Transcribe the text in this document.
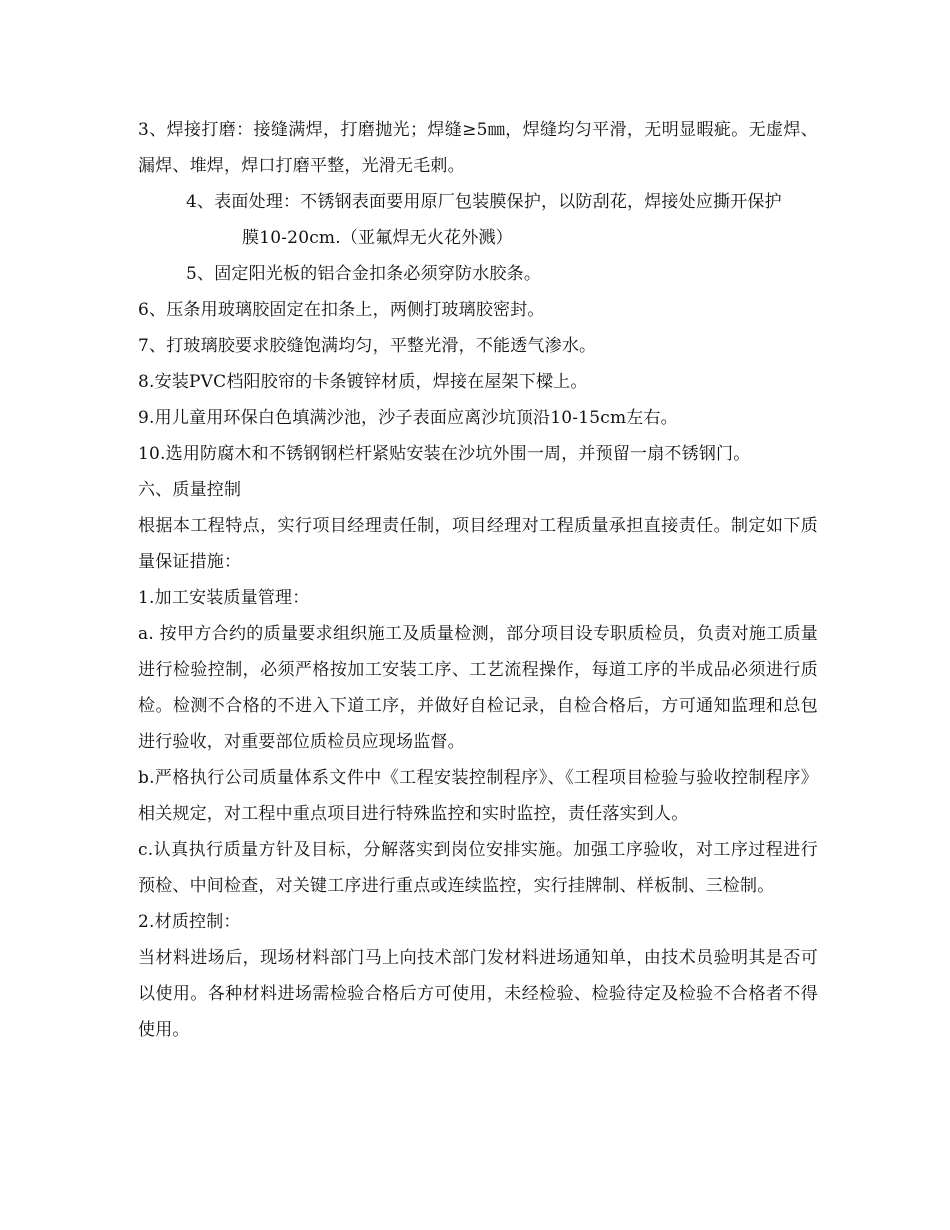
3、焊接打磨：接缝满焊，打磨抛光；焊缝≥5㎜，焊缝均匀平滑，无明显暇疵。无虚焊、漏焊、堆焊，焊口打磨平整，光滑无毛刺。

4、表面处理：不锈钢表面要用原厂包装膜保护，以防刮花，焊接处应撕开保护

膜10-20cm.（亚氟焊无火花外溅）

5、固定阳光板的铝合金扣条必须穿防水胶条。

6、压条用玻璃胶固定在扣条上，两侧打玻璃胶密封。

7、打玻璃胶要求胶缝饱满均匀，平整光滑，不能透气渗水。

8.安装PVC档阳胶帘的卡条镀锌材质，焊接在屋架下樑上。

9.用儿童用环保白色填满沙池，沙子表面应离沙坑顶沿10-15cm左右。

10.选用防腐木和不锈钢钢栏杆紧贴安装在沙坑外围一周，并预留一扇不锈钢门。

六、质量控制

根据本工程特点，实行项目经理责任制，项目经理对工程质量承担直接责任。制定如下质量保证措施：

1.加工安装质量管理：

a. 按甲方合约的质量要求组织施工及质量检测，部分项目设专职质检员，负责对施工质量进行检验控制，必须严格按加工安装工序、工艺流程操作，每道工序的半成品必须进行质检。检测不合格的不进入下道工序，并做好自检记录，自检合格后，方可通知监理和总包进行验收，对重要部位质检员应现场监督。

b.严格执行公司质量体系文件中《工程安装控制程序》、《工程项目检验与验收控制程序》相关规定，对工程中重点项目进行特殊监控和实时监控，责任落实到人。

c.认真执行质量方针及目标，分解落实到岗位安排实施。加强工序验收，对工序过程进行预检、中间检查，对关键工序进行重点或连续监控，实行挂牌制、样板制、三检制。

2.材质控制：

当材料进场后，现场材料部门马上向技术部门发材料进场通知单，由技术员验明其是否可以使用。各种材料进场需检验合格后方可使用，未经检验、检验待定及检验不合格者不得使用。
